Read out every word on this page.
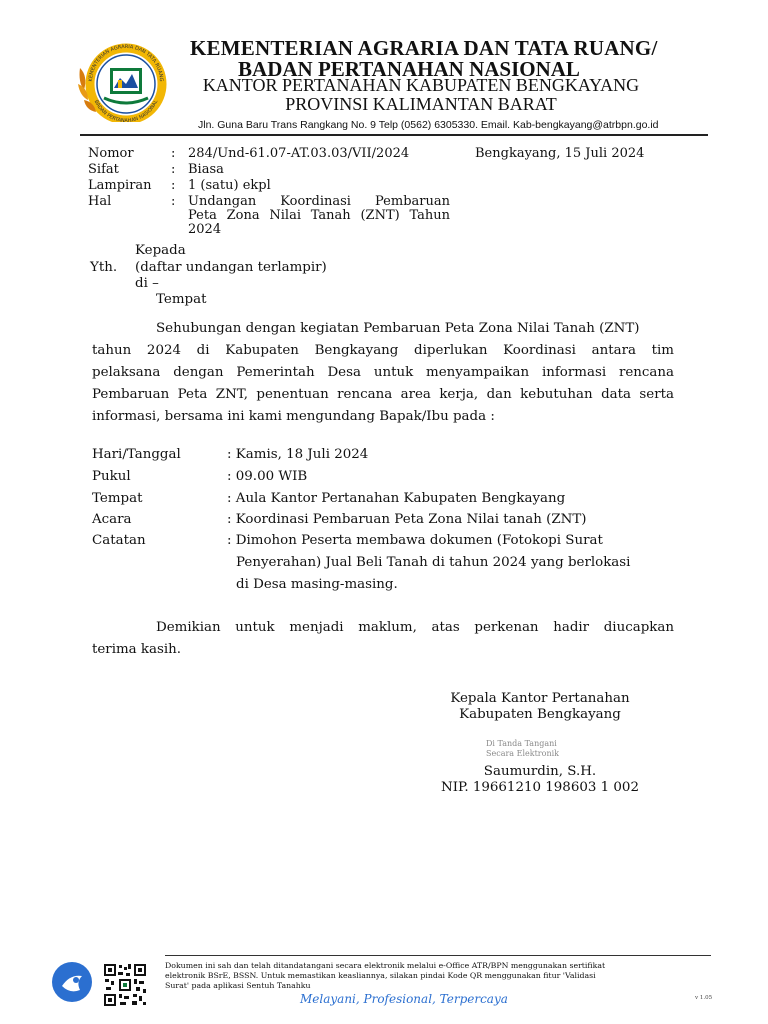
KEMENTERIAN AGRARIA DAN TATA RUANG
BADAN PERTANAHAN NASIONAL
KEMENTERIAN AGRARIA DAN TATA RUANG/
BADAN PERTANAHAN NASIONAL
KANTOR PERTANAHAN KABUPATEN BENGKAYANG
PROVINSI KALIMANTAN BARAT
Jln. Guna Baru Trans Rangkang No. 9 Telp (0562) 6305330. Email. Kab-bengkayang@atrbpn.go.id
Nomor	: 284/Und-61.07-AT.03.03/VII/2024	Bengkayang, 15 Juli 2024
Sifat	: Biasa
Lampiran	: 1 (satu) ekpl
Hal	: Undangan Koordinasi Pembaruan
Peta Zona Nilai Tanah (ZNT) Tahun
2024
Kepada
Yth. (daftar undangan terlampir)
di –
Tempat
Sehubungan dengan kegiatan Pembaruan Peta Zona Nilai Tanah (ZNT)
tahun 2024 di Kabupaten Bengkayang diperlukan Koordinasi antara tim
pelaksana dengan Pemerintah Desa untuk menyampaikan informasi rencana
Pembaruan Peta ZNT, penentuan rencana area kerja, dan kebutuhan data serta
informasi, bersama ini kami mengundang Bapak/Ibu pada :
Hari/Tanggal	: Kamis, 18 Juli 2024
Pukul	: 09.00 WIB
Tempat	: Aula Kantor Pertanahan Kabupaten Bengkayang
Acara	: Koordinasi Pembaruan Peta Zona Nilai tanah (ZNT)
Catatan	: Dimohon Peserta membawa dokumen (Fotokopi Surat
Penyerahan) Jual Beli Tanah di tahun 2024 yang berlokasi
di Desa masing-masing.
Demikian untuk menjadi maklum, atas perkenan hadir diucapkan
terima kasih.
Kepala Kantor Pertanahan
Kabupaten Bengkayang
Di Tanda Tangani
Secara Elektronik
Saumurdin, S.H.
NIP. 19661210 198603 1 002
Dokumen ini sah dan telah ditandatangani secara elektronik melalui e-Office ATR/BPN menggunakan sertifikat
elektronik BSrE, BSSN. Untuk memastikan keasliannya, silakan pindai Kode QR menggunakan fitur 'Validasi
Surat' pada aplikasi Sentuh Tanahku
Melayani, Profesional, Terpercaya	v 1.05
